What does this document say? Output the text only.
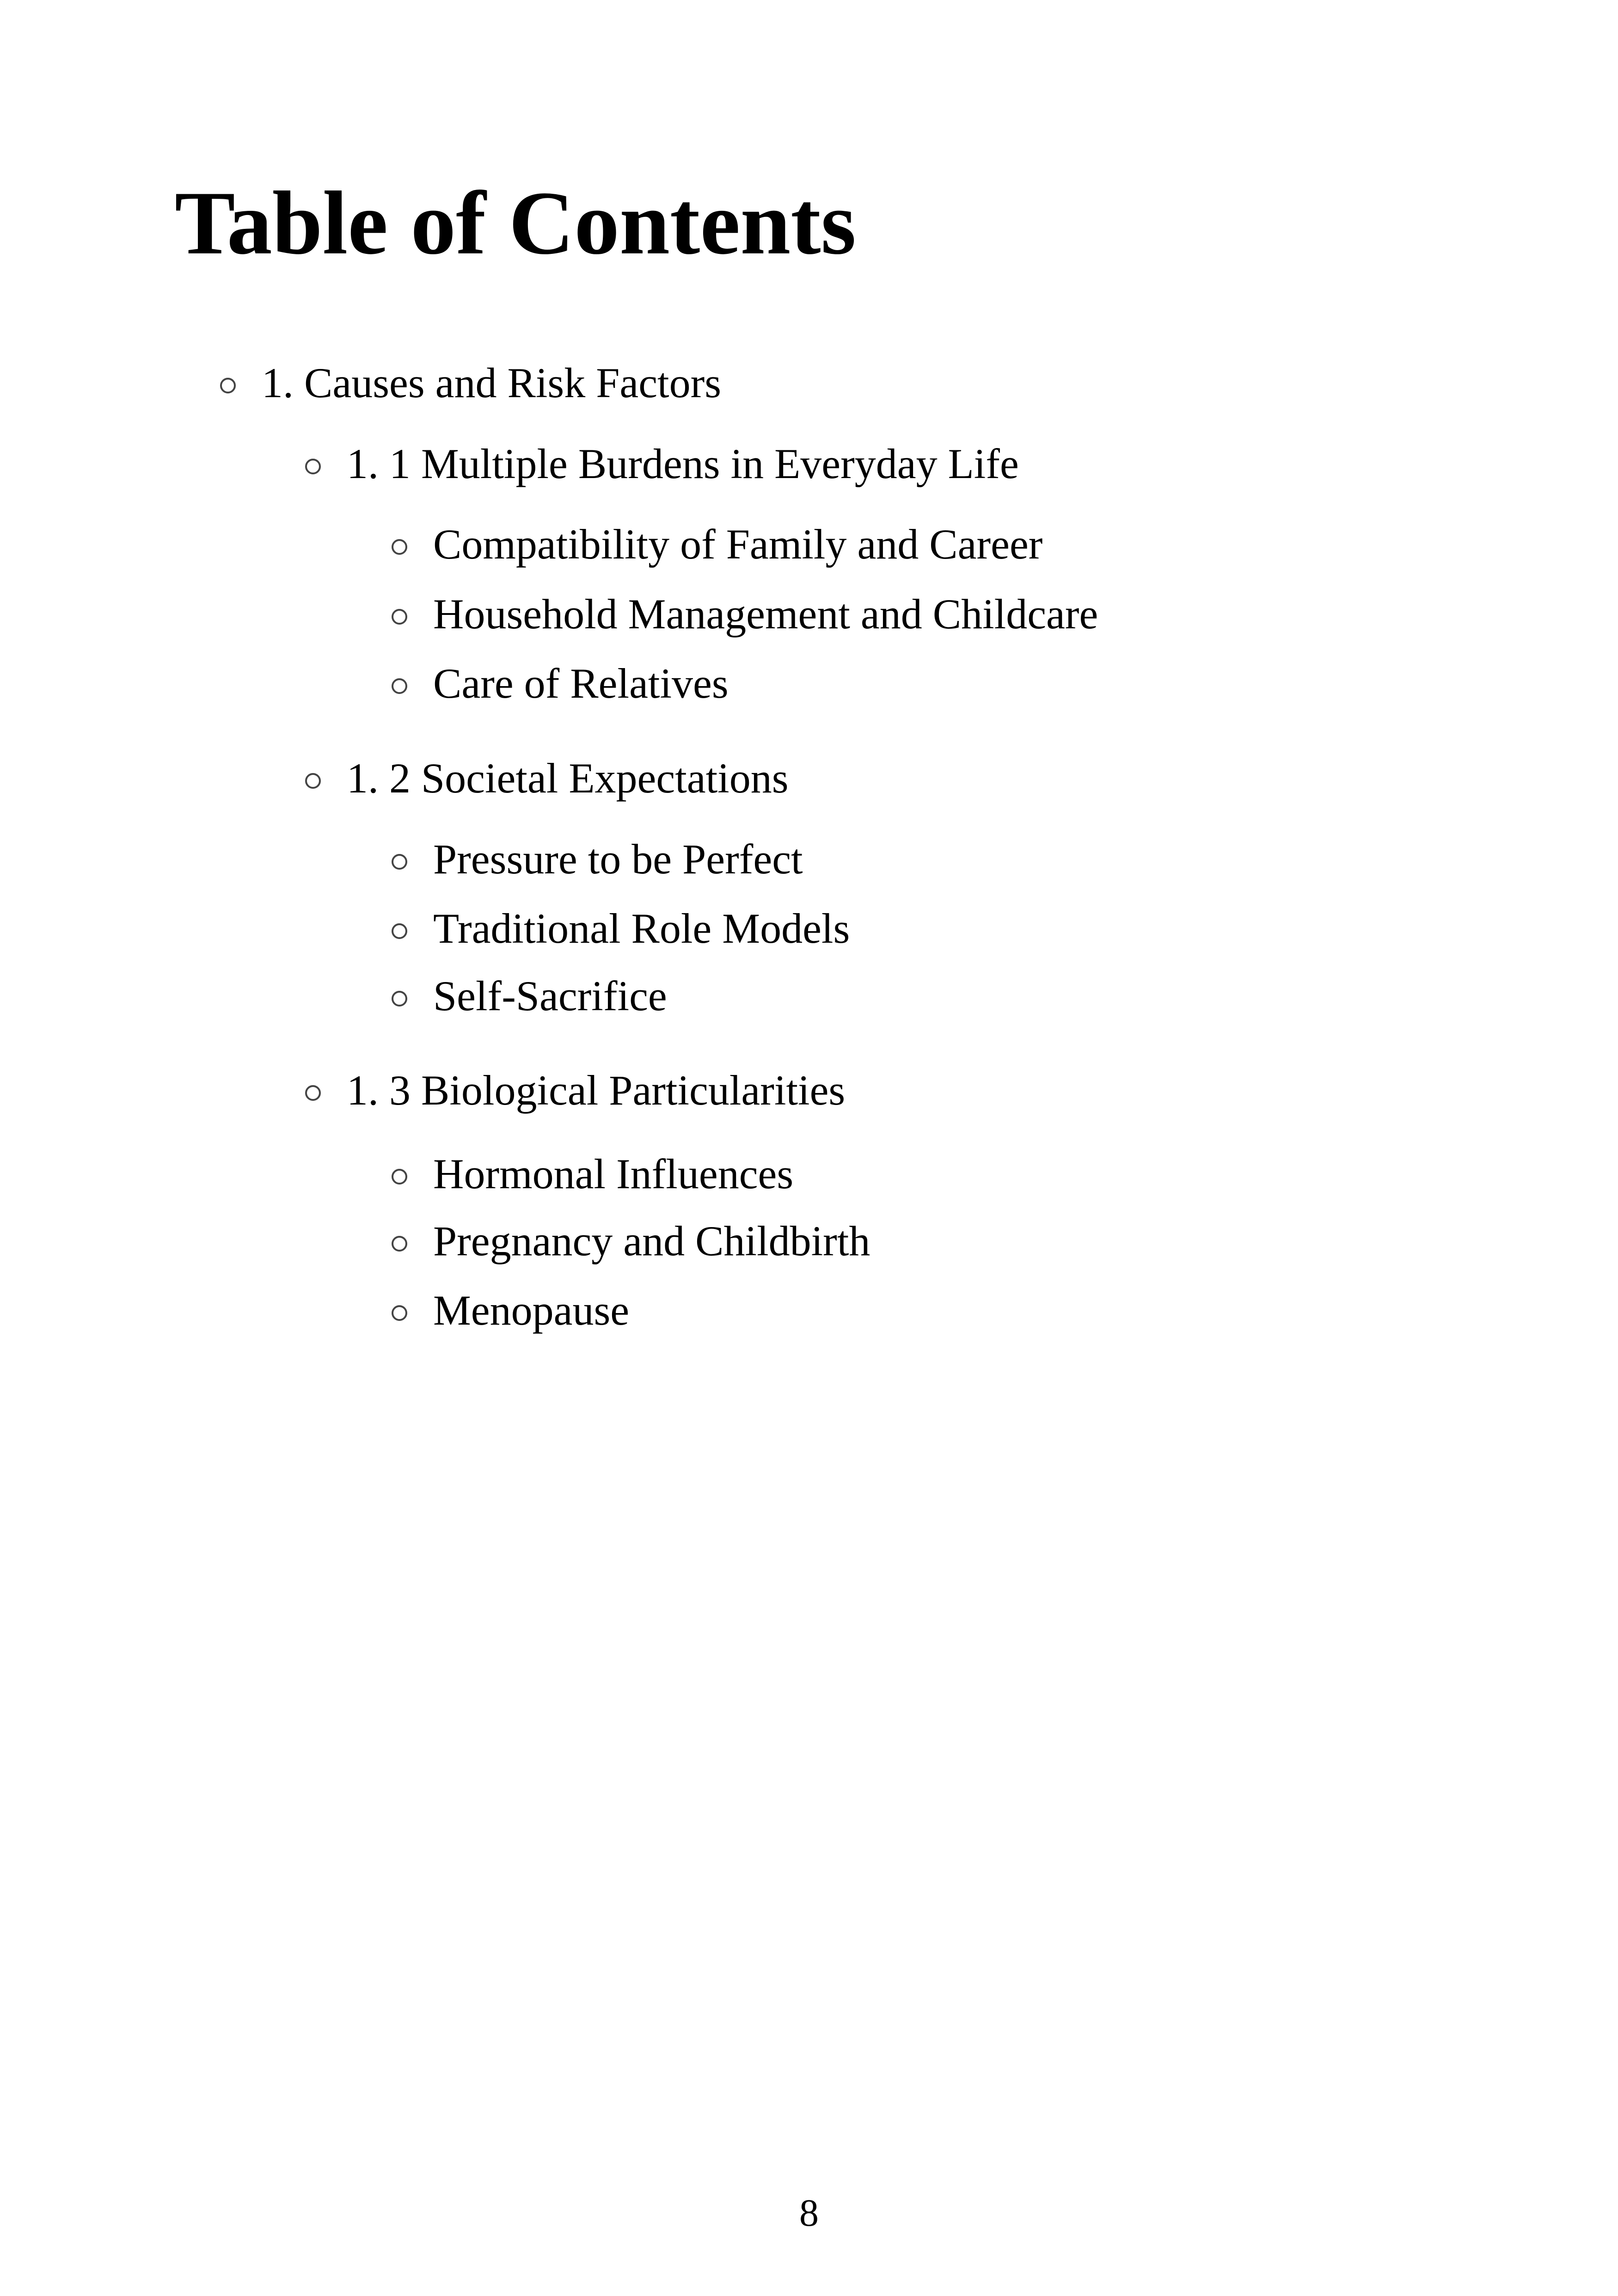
Table of Contents
1. Causes and Risk Factors
1. 1 Multiple Burdens in Everyday Life
Compatibility of Family and Career
Household Management and Childcare
Care of Relatives
1. 2 Societal Expectations
Pressure to be Perfect
Traditional Role Models
Self-Sacrifice
1. 3 Biological Particularities
Hormonal Influences
Pregnancy and Childbirth
Menopause
8
